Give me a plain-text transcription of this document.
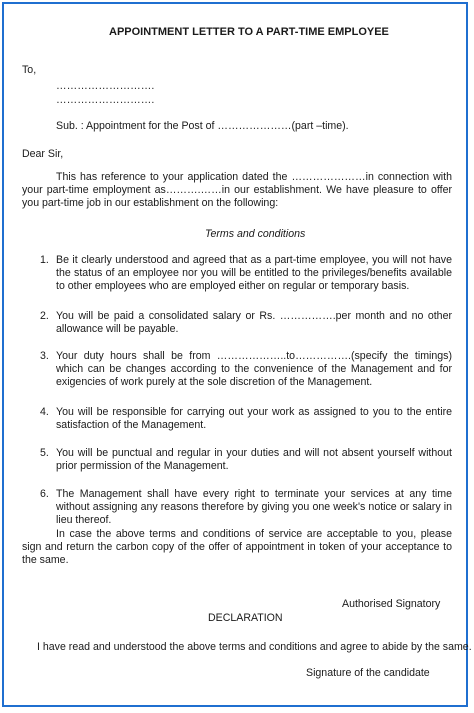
APPOINTMENT LETTER TO A PART-TIME EMPLOYEE
To,
……………………….
……………………….
Sub. : Appointment for the Post of …………………(part –time).
Dear Sir,
This has reference to your application dated the …………………in connection with your part-time employment as……….……in our establishment. We have pleasure to offer you part-time job in our establishment on the following:
Terms and conditions
1. Be it clearly understood and agreed that as a part-time employee, you will not have the status of an employee nor you will be entitled to the privileges/benefits available to other employees who are employed either on regular or temporary basis.
2. You will be paid a consolidated salary or Rs. …………….per month and no other allowance will be payable.
3. Your duty hours shall be from ………………..to…………….(specify the timings) which can be changes according to the convenience of the Management and for exigencies of work purely at the sole discretion of the Management.
4. You will be responsible for carrying out your work as assigned to you to the entire satisfaction of the Management.
5. You will be punctual and regular in your duties and will not absent yourself without prior permission of the Management.
6. The Management shall have every right to terminate your services at any time without assigning any reasons therefore by giving you one week's notice or salary in lieu thereof.
In case the above terms and conditions of service are acceptable to you, please sign and return the carbon copy of the offer of appointment in token of your acceptance to the same.
Authorised Signatory
DECLARATION
I have read and understood the above terms and conditions and agree to abide by the same.
Signature of the candidate
